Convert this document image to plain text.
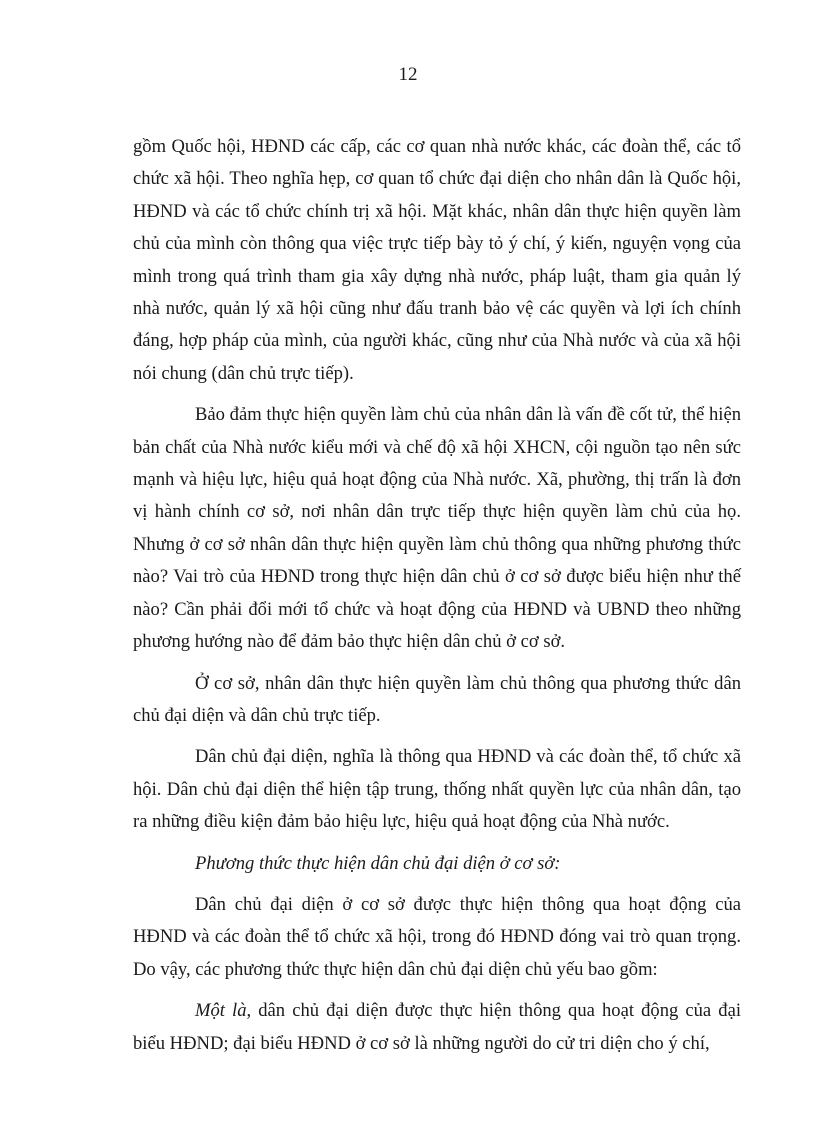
12

gồm Quốc hội, HĐND các cấp, các cơ quan nhà nước khác, các đoàn thể, các tổ chức xã hội. Theo nghĩa hẹp, cơ quan tổ chức đại diện cho nhân dân là Quốc hội, HĐND và các tổ chức chính trị xã hội. Mặt khác, nhân dân thực hiện quyền làm chủ của mình còn thông qua việc trực tiếp bày tỏ ý chí, ý kiến, nguyện vọng của mình trong quá trình tham gia xây dựng nhà nước, pháp luật, tham gia quản lý nhà nước, quản lý xã hội cũng như đấu tranh bảo vệ các quyền và lợi ích chính đáng, hợp pháp của mình, của người khác, cũng như của Nhà nước và của xã hội nói chung (dân chủ trực tiếp).

Bảo đảm thực hiện quyền làm chủ của nhân dân là vấn đề cốt tử, thể hiện bản chất của Nhà nước kiểu mới và chế độ xã hội XHCN, cội nguồn tạo nên sức mạnh và hiệu lực, hiệu quả hoạt động của Nhà nước. Xã, phường, thị trấn là đơn vị hành chính cơ sở, nơi nhân dân trực tiếp thực hiện quyền làm chủ của họ. Nhưng ở cơ sở nhân dân thực hiện quyền làm chủ thông qua những phương thức nào? Vai trò của HĐND trong thực hiện dân chủ ở cơ sở được biểu hiện như thế nào? Cần phải đổi mới tổ chức và hoạt động của HĐND và UBND theo những phương hướng nào để đảm bảo thực hiện dân chủ ở cơ sở.

Ở cơ sở, nhân dân thực hiện quyền làm chủ thông qua phương thức dân chủ đại diện và dân chủ trực tiếp.

Dân chủ đại diện, nghĩa là thông qua HĐND và các đoàn thể, tổ chức xã hội. Dân chủ đại diện thể hiện tập trung, thống nhất quyền lực của nhân dân, tạo ra những điều kiện đảm bảo hiệu lực, hiệu quả hoạt động của Nhà nước.

Phương thức thực hiện dân chủ đại diện ở cơ sở:

Dân chủ đại diện ở cơ sở được thực hiện thông qua hoạt động của HĐND và các đoàn thể tổ chức xã hội, trong đó HĐND đóng vai trò quan trọng. Do vậy, các phương thức thực hiện dân chủ đại diện chủ yếu bao gồm:

Một là, dân chủ đại diện được thực hiện thông qua hoạt động của đại biểu HĐND; đại biểu HĐND ở cơ sở là những người do cử tri diện cho ý chí,
